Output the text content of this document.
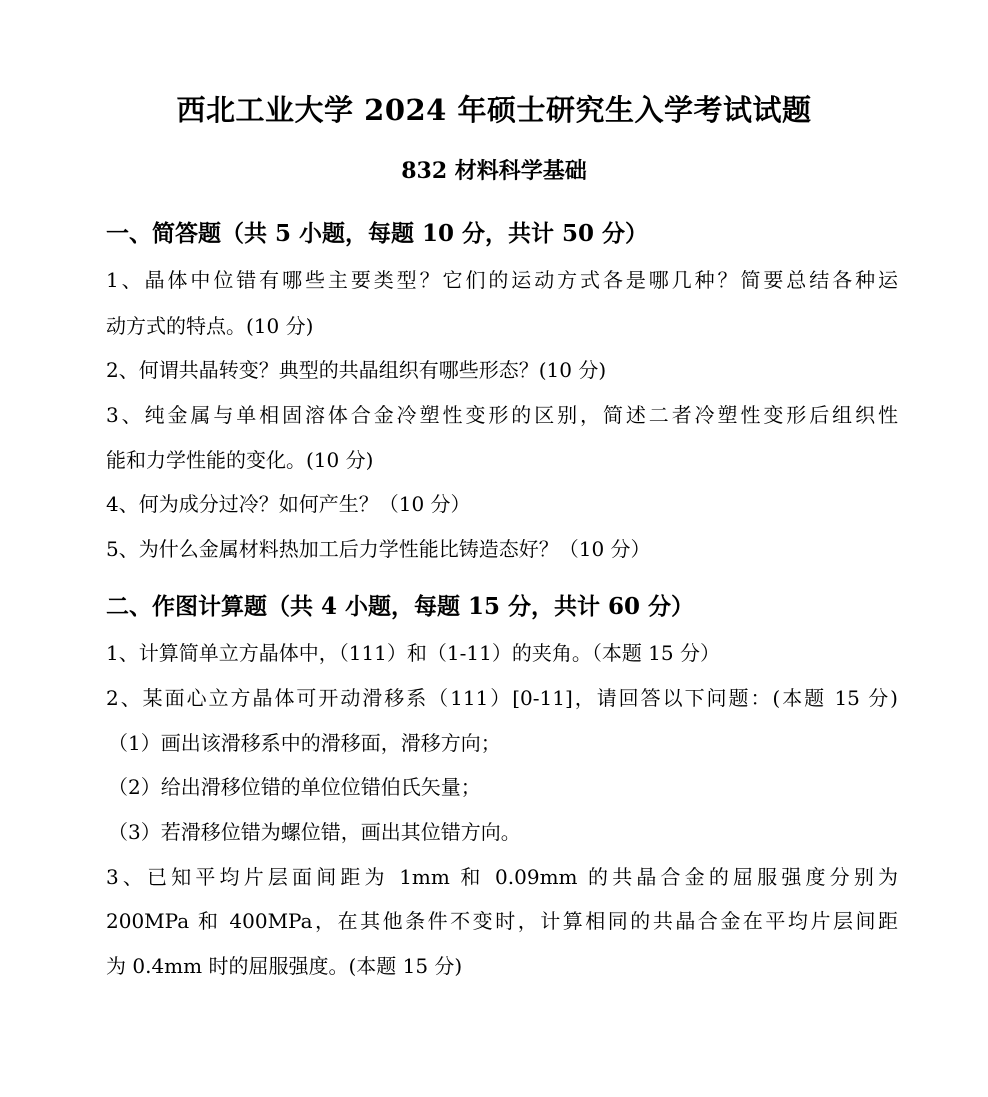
西北工业大学 2024 年硕士研究生入学考试试题
832 材料科学基础
一、简答题（共 5 小题，每题 10 分，共计 50 分）
1、晶体中位错有哪些主要类型？它们的运动方式各是哪几种？简要总结各种运
动方式的特点。(10 分)
2、何谓共晶转变？典型的共晶组织有哪些形态？(10 分)
3、纯金属与单相固溶体合金冷塑性变形的区别，简述二者冷塑性变形后组织性
能和力学性能的变化。(10 分)
4、何为成分过冷？如何产生？（10 分）
5、为什么金属材料热加工后力学性能比铸造态好？（10 分）
二、作图计算题（共 4 小题，每题 15 分，共计 60 分）
1、计算简单立方晶体中，（111）和（1-11）的夹角。（本题 15 分）
2、某面心立方晶体可开动滑移系（111）[0-11]，请回答以下问题：(本题 15 分)
（1）画出该滑移系中的滑移面，滑移方向；
（2）给出滑移位错的单位位错伯氏矢量；
（3）若滑移位错为螺位错，画出其位错方向。
3、已知平均片层面间距为 1mm 和 0.09mm 的共晶合金的屈服强度分别为
200MPa 和 400MPa，在其他条件不变时，计算相同的共晶合金在平均片层间距
为 0.4mm 时的屈服强度。(本题 15 分)
